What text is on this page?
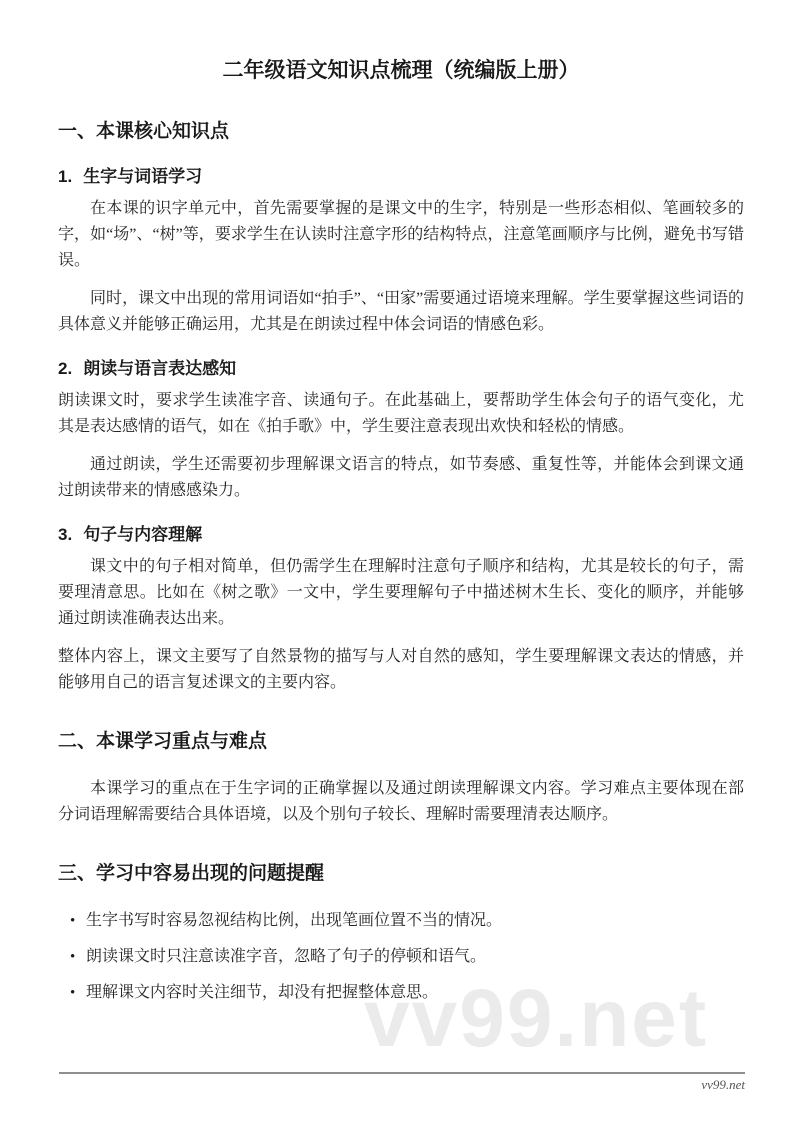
二年级语文知识点梳理（统编版上册）
一、本课核心知识点
1. 生字与词语学习

在本课的识字单元中，首先需要掌握的是课文中的生字，特别是一些形态相似、笔画较多的字，如“场”、“树”等，要求学生在认读时注意字形的结构特点，注意笔画顺序与比例，避免书写错误。

同时，课文中出现的常用词语如“拍手”、“田家”需要通过语境来理解。学生要掌握这些词语的具体意义并能够正确运用，尤其是在朗读过程中体会词语的情感色彩。

2. 朗读与语言表达感知

朗读课文时，要求学生读准字音、读通句子。在此基础上，要帮助学生体会句子的语气变化，尤其是表达感情的语气，如在《拍手歌》中，学生要注意表现出欢快和轻松的情感。

通过朗读，学生还需要初步理解课文语言的特点，如节奏感、重复性等，并能体会到课文通过朗读带来的情感感染力。

3. 句子与内容理解

课文中的句子相对简单，但仍需学生在理解时注意句子顺序和结构，尤其是较长的句子，需要理清意思。比如在《树之歌》一文中，学生要理解句子中描述树木生长、变化的顺序，并能够通过朗读准确表达出来。

整体内容上，课文主要写了自然景物的描写与人对自然的感知，学生要理解课文表达的情感，并能够用自己的语言复述课文的主要内容。

二、本课学习重点与难点

本课学习的重点在于生字词的正确掌握以及通过朗读理解课文内容。学习难点主要体现在部分词语理解需要结合具体语境，以及个别句子较长、理解时需要理清表达顺序。

三、学习中容易出现的问题提醒
• 生字书写时容易忽视结构比例，出现笔画位置不当的情况。
• 朗读课文时只注意读准字音，忽略了句子的停顿和语气。
• 理解课文内容时关注细节，却没有把握整体意思。
vv99.net
vv99.net
